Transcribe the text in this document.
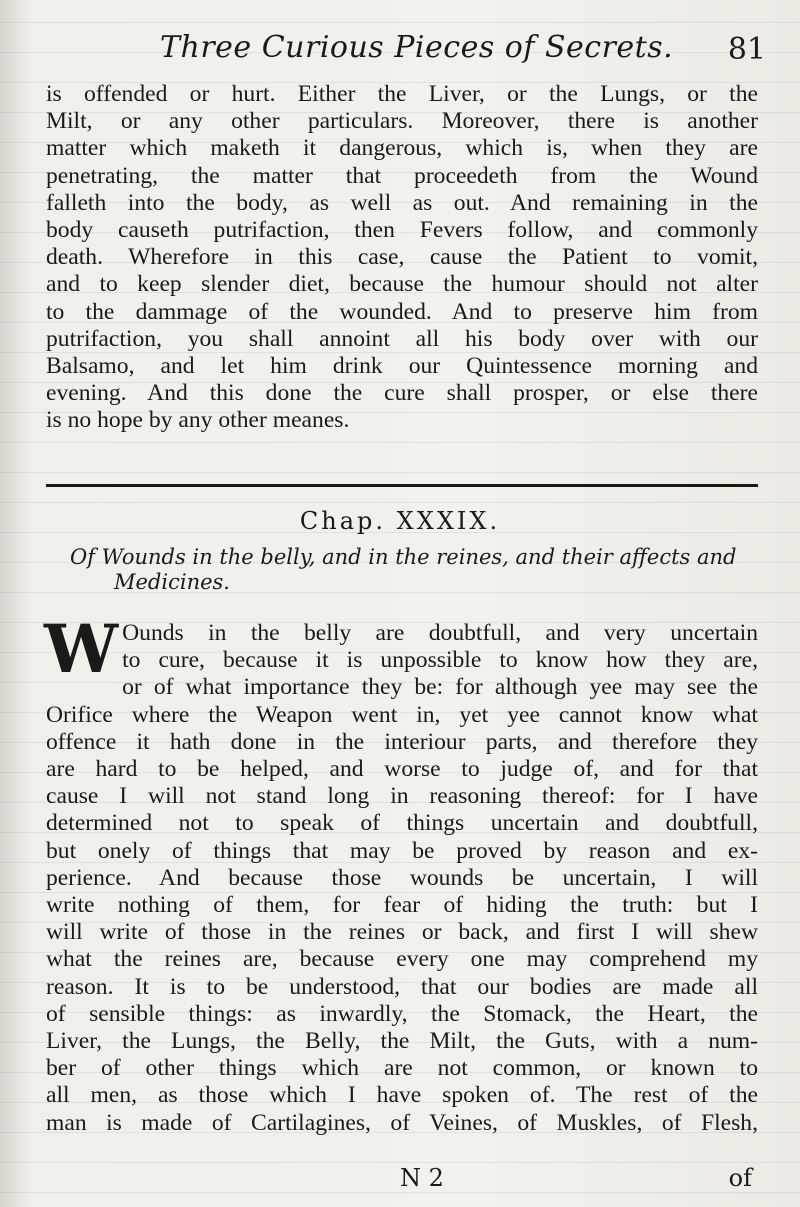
Three Curious Pieces of Secrets. 81
is offended or hurt. Either the Liver, or the Lungs, or the
Milt, or any other particulars. Moreover, there is another
matter which maketh it dangerous, which is, when they are
penetrating, the matter that proceedeth from the Wound
falleth into the body, as well as out. And remaining in the
body causeth putrifaction, then Fevers follow, and commonly
death. Wherefore in this case, cause the Patient to vomit,
and to keep slender diet, because the humour should not alter
to the dammage of the wounded. And to preserve him from
putrifaction, you shall annoint all his body over with our
Balsamo, and let him drink our Quintessence morning and
evening. And this done the cure shall prosper, or else there
is no hope by any other meanes.
Chap. XXXIX.
Of Wounds in the belly, and in the reines, and their affects and
Medicines.
W Ounds in the belly are doubtfull, and very uncertain
to cure, because it is unpossible to know how they are,
or of what importance they be: for although yee may see the
Orifice where the Weapon went in, yet yee cannot know what
offence it hath done in the interiour parts, and therefore they
are hard to be helped, and worse to judge of, and for that
cause I will not stand long in reasoning thereof: for I have
determined not to speak of things uncertain and doubtfull,
but onely of things that may be proved by reason and ex-
perience. And because those wounds be uncertain, I will
write nothing of them, for fear of hiding the truth: but I
will write of those in the reines or back, and first I will shew
what the reines are, because every one may comprehend my
reason. It is to be understood, that our bodies are made all
of sensible things: as inwardly, the Stomack, the Heart, the
Liver, the Lungs, the Belly, the Milt, the Guts, with a num-
ber of other things which are not common, or known to
all men, as those which I have spoken of. The rest of the
man is made of Cartilagines, of Veines, of Muskles, of Flesh,
N 2	of
